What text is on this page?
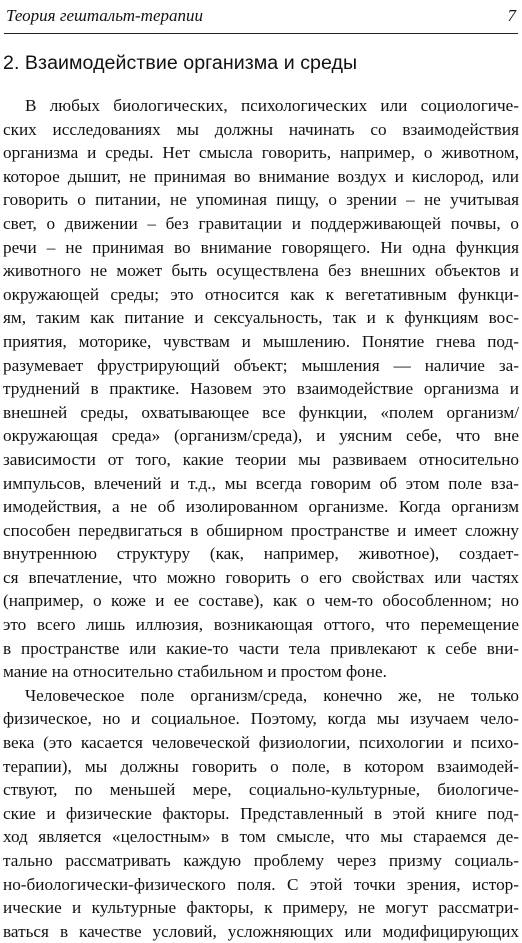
Теория гештальт-терапии	7
2. Взаимодействие организма и среды
В любых биологических, психологических или социологиче-
ских исследованиях мы должны начинать со взаимодействия
организма и среды. Нет смысла говорить, например, о животном,
которое дышит, не принимая во внимание воздух и кислород, или
говорить о питании, не упоминая пищу, о зрении – не учитывая
свет, о движении – без гравитации и поддерживающей почвы, о
речи – не принимая во внимание говорящего. Ни одна функция
животного не может быть осуществлена без внешних объектов и
окружающей среды; это относится как к вегетативным функци-
ям, таким как питание и сексуальность, так и к функциям вос-
приятия, моторике, чувствам и мышлению. Понятие гнева под-
разумевает фрустрирующий объект; мышления — наличие за-
труднений в практике. Назовем это взаимодействие организма и
внешней среды, охватывающее все функции, «полем организм/
окружающая среда» (организм/среда), и уясним себе, что вне
зависимости от того, какие теории мы развиваем относительно
импульсов, влечений и т.д., мы всегда говорим об этом поле вза-
имодействия, а не об изолированном организме. Когда организм
способен передвигаться в обширном пространстве и имеет сложну
внутреннюю структуру (как, например, животное), создает-
ся впечатление, что можно говорить о его свойствах или частях
(например, о коже и ее составе), как о чем-то обособленном; но
это всего лишь иллюзия, возникающая оттого, что перемещение
в пространстве или какие-то части тела привлекают к себе вни-
мание на относительно стабильном и простом фоне.
Человеческое поле организм/среда, конечно же, не только
физическое, но и социальное. Поэтому, когда мы изучаем чело-
века (это касается человеческой физиологии, психологии и психо-
терапии), мы должны говорить о поле, в котором взаимодей-
ствуют, по меньшей мере, социально-культурные, биологиче-
ские и физические факторы. Представленный в этой книге под-
ход является «целостным» в том смысле, что мы стараемся де-
тально рассматривать каждую проблему через призму социаль-
но-биологически-физического поля. С этой точки зрения, истор-
ические и культурные факторы, к примеру, не могут рассматри-
ваться в качестве условий, усложняющих или модифицирующих
